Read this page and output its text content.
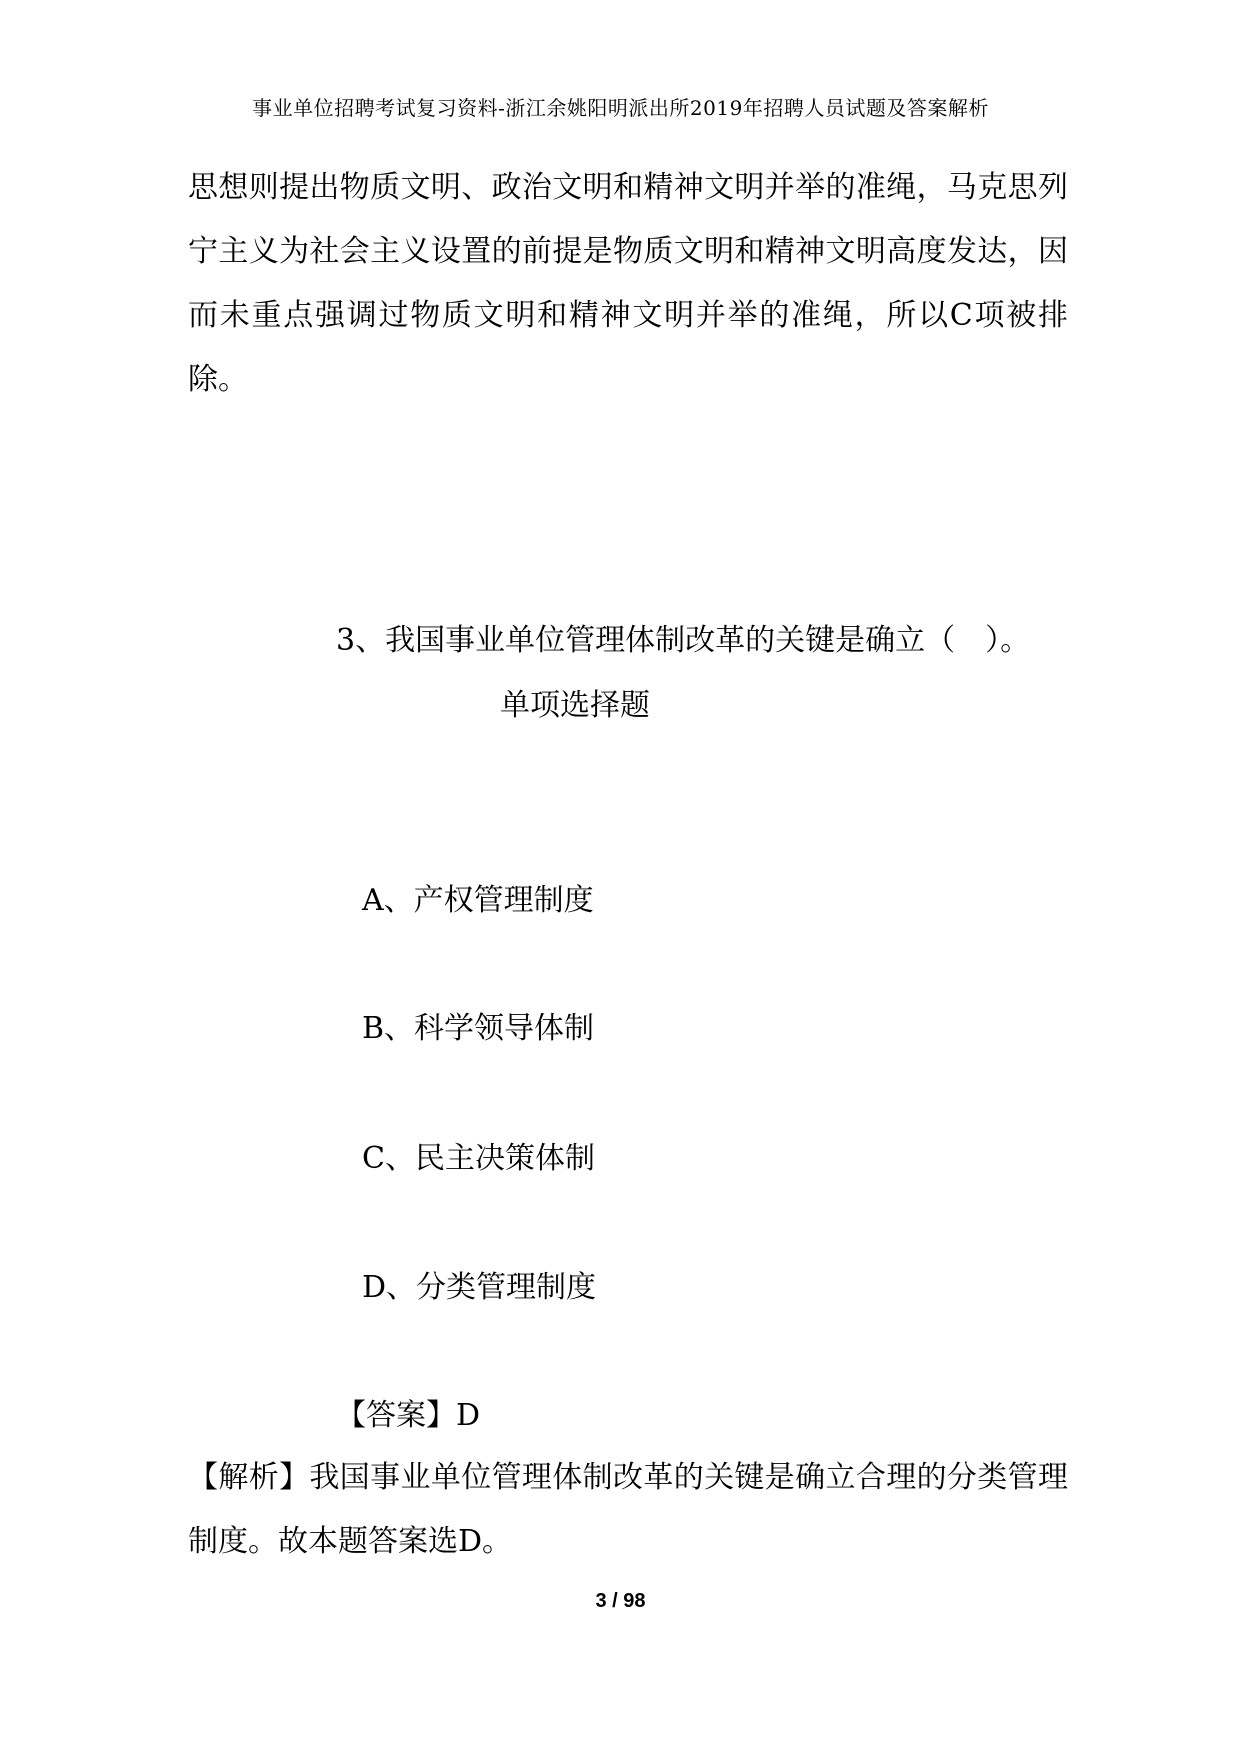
事业单位招聘考试复习资料-浙江余姚阳明派出所2019年招聘人员试题及答案解析
思想则提出物质文明、政治文明和精神文明并举的准绳，马克思列宁主义为社会主义设置的前提是物质文明和精神文明高度发达，因而未重点强调过物质文明和精神文明并举的准绳，所以C项被排除。
3、我国事业单位管理体制改革的关键是确立（　）。
单项选择题
A、产权管理制度
B、科学领导体制
C、民主决策体制
D、分类管理制度
【答案】D
【解析】我国事业单位管理体制改革的关键是确立合理的分类管理制度。故本题答案选D。
3 / 98
